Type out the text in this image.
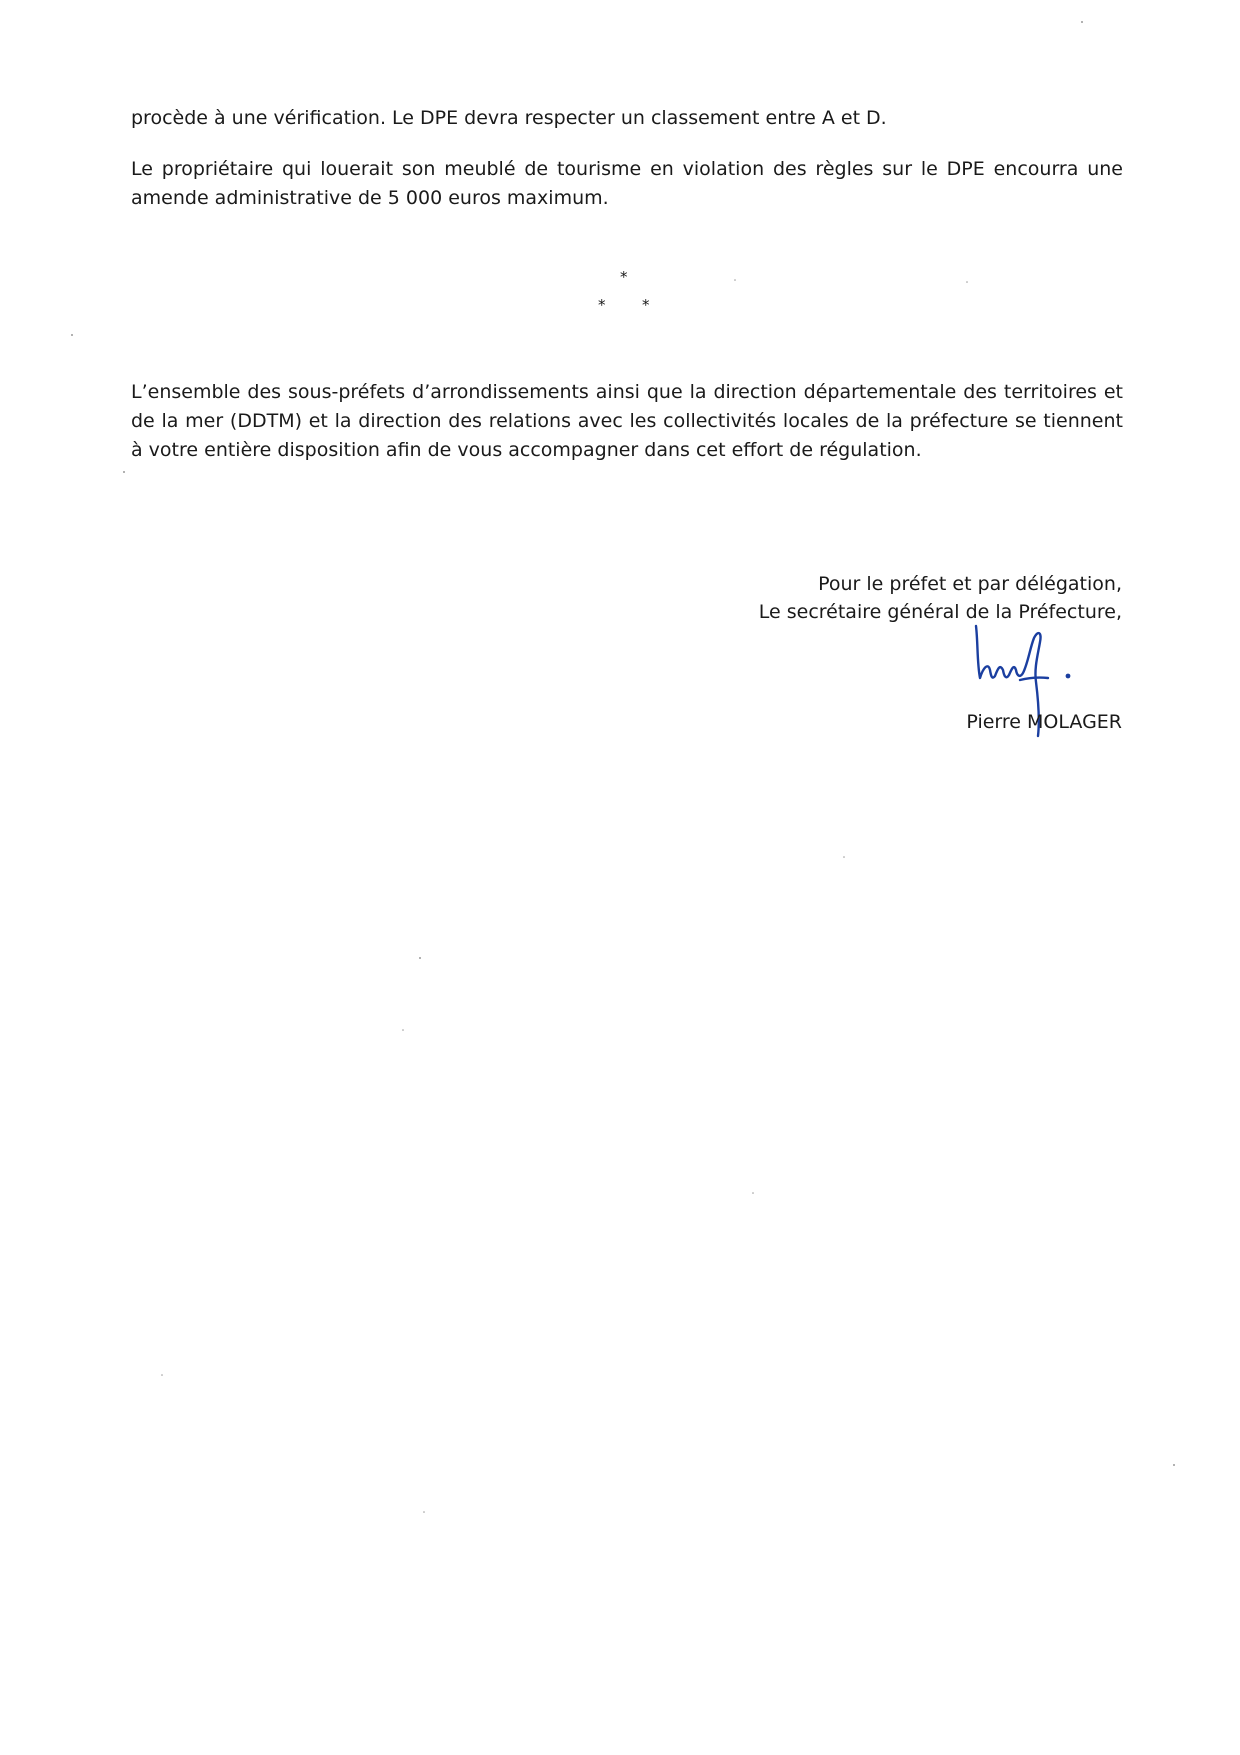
procède à une vérification. Le DPE devra respecter un classement entre A et D.

Le propriétaire qui louerait son meublé de tourisme en violation des règles sur le DPE encourra une amende administrative de 5 000 euros maximum.

*
* *

L’ensemble des sous-préfets d’arrondissements ainsi que la direction départementale des territoires et de la mer (DDTM) et la direction des relations avec les collectivités locales de la préfecture se tiennent à votre entière disposition afin de vous accompagner dans cet effort de régulation.

Pour le préfet et par délégation,
Le secrétaire général de la Préfecture,
Pierre MOLAGER
